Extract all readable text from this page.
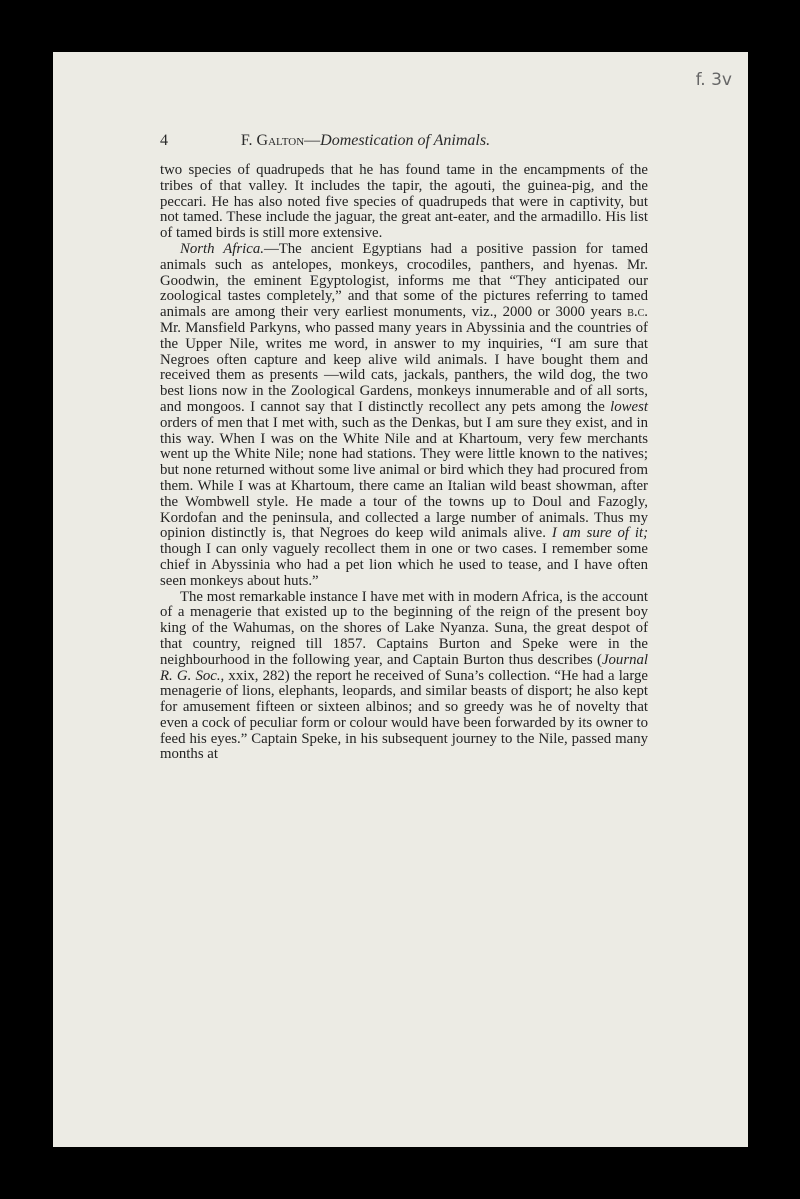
f. 3v
4	F. Galton—Domestication of Animals.

two species of quadrupeds that he has found tame in the encampments of the tribes of that valley. It includes the tapir, the agouti, the guinea-pig, and the peccari. He has also noted five species of quadrupeds that were in captivity, but not tamed. These include the jaguar, the great ant-eater, and the armadillo. His list of tamed birds is still more extensive.

North Africa.—The ancient Egyptians had a positive passion for tamed animals such as antelopes, monkeys, crocodiles, panthers, and hyenas. Mr. Goodwin, the eminent Egyptologist, informs me that “They anticipated our zoological tastes completely,” and that some of the pictures referring to tamed animals are among their very earliest monuments, viz., 2000 or 3000 years b.c. Mr. Mansfield Parkyns, who passed many years in Abyssinia and the countries of the Upper Nile, writes me word, in answer to my inquiries, “I am sure that Negroes often capture and keep alive wild animals. I have bought them and received them as presents —wild cats, jackals, panthers, the wild dog, the two best lions now in the Zoological Gardens, monkeys innumerable and of all sorts, and mongoos. I cannot say that I distinctly recollect any pets among the lowest orders of men that I met with, such as the Denkas, but I am sure they exist, and in this way. When I was on the White Nile and at Khartoum, very few merchants went up the White Nile; none had stations. They were little known to the natives; but none returned without some live animal or bird which they had procured from them. While I was at Khartoum, there came an Italian wild beast showman, after the Wombwell style. He made a tour of the towns up to Doul and Fazogly, Kordofan and the peninsula, and collected a large number of animals. Thus my opinion distinctly is, that Negroes do keep wild animals alive. I am sure of it; though I can only vaguely recollect them in one or two cases. I remember some chief in Abyssinia who had a pet lion which he used to tease, and I have often seen monkeys about huts.”

The most remarkable instance I have met with in modern Africa, is the account of a menagerie that existed up to the beginning of the reign of the present boy king of the Wahumas, on the shores of Lake Nyanza. Suna, the great despot of that country, reigned till 1857. Captains Burton and Speke were in the neighbourhood in the following year, and Captain Burton thus describes (Journal R. G. Soc., xxix, 282) the report he received of Suna’s collection. “He had a large menagerie of lions, elephants, leopards, and similar beasts of disport; he also kept for amusement fifteen or sixteen albinos; and so greedy was he of novelty that even a cock of peculiar form or colour would have been forwarded by its owner to feed his eyes.” Captain Speke, in his subsequent journey to the Nile, passed many months at
